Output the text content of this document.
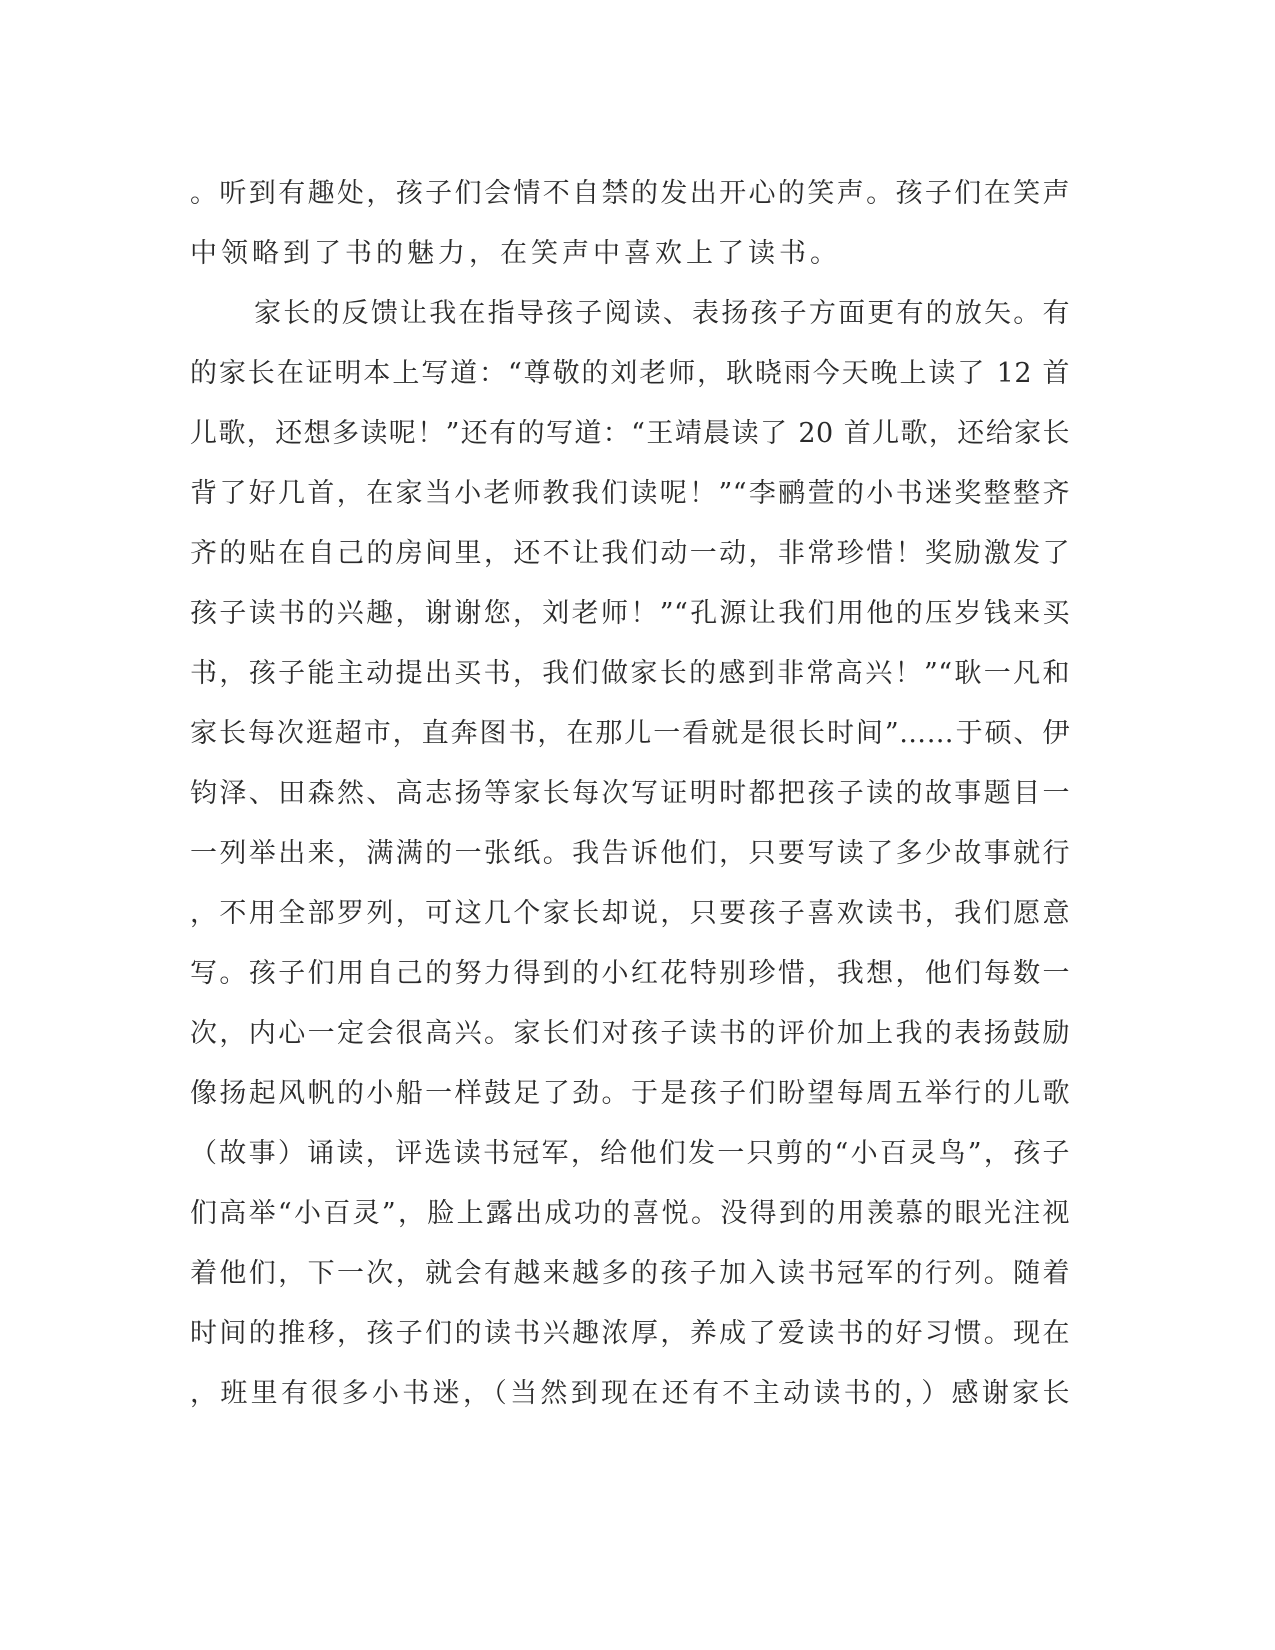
。听到有趣处，孩子们会情不自禁的发出开心的笑声。孩子们在笑声
中领略到了书的魅力，在笑声中喜欢上了读书。
家长的反馈让我在指导孩子阅读、表扬孩子方面更有的放矢。有
的家长在证明本上写道：“尊敬的刘老师，耿晓雨今天晚上读了 12 首
儿歌，还想多读呢！”还有的写道：“王靖晨读了 20 首儿歌，还给家长
背了好几首，在家当小老师教我们读呢！”“李鹂萱的小书迷奖整整齐
齐的贴在自己的房间里，还不让我们动一动，非常珍惜！奖励激发了
孩子读书的兴趣，谢谢您，刘老师！”“孔源让我们用他的压岁钱来买
书，孩子能主动提出买书，我们做家长的感到非常高兴！”“耿一凡和
家长每次逛超市，直奔图书，在那儿一看就是很长时间”……于硕、伊
钧泽、田森然、高志扬等家长每次写证明时都把孩子读的故事题目一
一列举出来，满满的一张纸。我告诉他们，只要写读了多少故事就行
，不用全部罗列，可这几个家长却说，只要孩子喜欢读书，我们愿意
写。孩子们用自己的努力得到的小红花特别珍惜，我想，他们每数一
次，内心一定会很高兴。家长们对孩子读书的评价加上我的表扬鼓励
像扬起风帆的小船一样鼓足了劲。于是孩子们盼望每周五举行的儿歌
（故事）诵读，评选读书冠军，给他们发一只剪的“小百灵鸟”，孩子
们高举“小百灵”，脸上露出成功的喜悦。没得到的用羡慕的眼光注视
着他们，下一次，就会有越来越多的孩子加入读书冠军的行列。随着
时间的推移，孩子们的读书兴趣浓厚，养成了爱读书的好习惯。现在
，班里有很多小书迷，（当然到现在还有不主动读书的，）感谢家长
